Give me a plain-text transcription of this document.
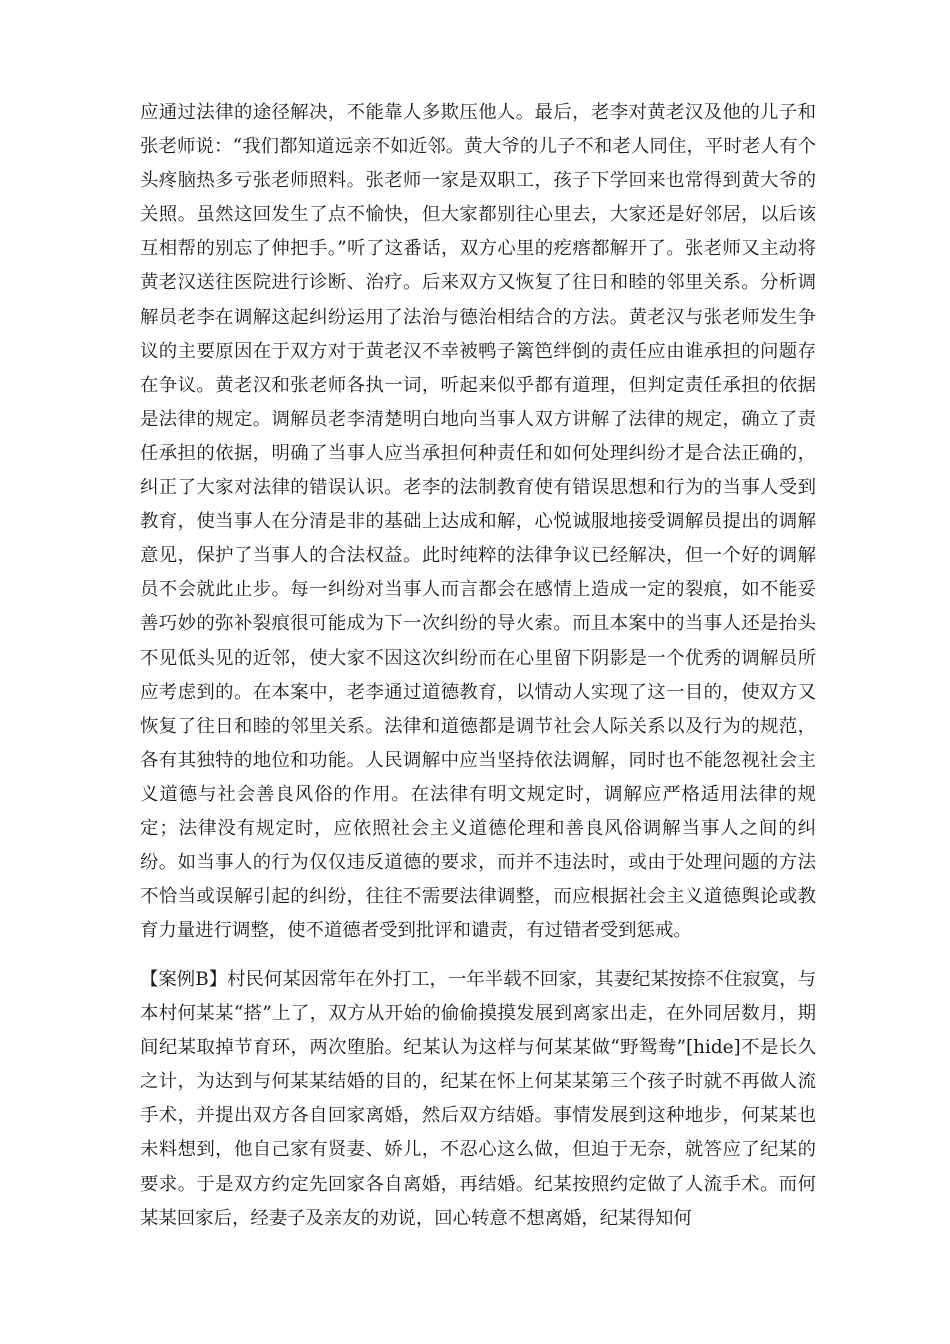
应通过法律的途径解决，不能靠人多欺压他人。最后，老李对黄老汉及他的儿子和张老师说：“我们都知道远亲不如近邻。黄大爷的儿子不和老人同住，平时老人有个头疼脑热多亏张老师照料。张老师一家是双职工，孩子下学回来也常得到黄大爷的关照。虽然这回发生了点不愉快，但大家都别往心里去，大家还是好邻居，以后该互相帮的别忘了伸把手。”听了这番话，双方心里的疙瘩都解开了。张老师又主动将黄老汉送往医院进行诊断、治疗。后来双方又恢复了往日和睦的邻里关系。分析调解员老李在调解这起纠纷运用了法治与德治相结合的方法。黄老汉与张老师发生争议的主要原因在于双方对于黄老汉不幸被鸭子篱笆绊倒的责任应由谁承担的问题存在争议。黄老汉和张老师各执一词，听起来似乎都有道理，但判定责任承担的依据是法律的规定。调解员老李清楚明白地向当事人双方讲解了法律的规定，确立了责任承担的依据，明确了当事人应当承担何种责任和如何处理纠纷才是合法正确的，纠正了大家对法律的错误认识。老李的法制教育使有错误思想和行为的当事人受到教育，使当事人在分清是非的基础上达成和解，心悦诚服地接受调解员提出的调解意见，保护了当事人的合法权益。此时纯粹的法律争议已经解决，但一个好的调解员不会就此止步。每一纠纷对当事人而言都会在感情上造成一定的裂痕，如不能妥善巧妙的弥补裂痕很可能成为下一次纠纷的导火索。而且本案中的当事人还是抬头不见低头见的近邻，使大家不因这次纠纷而在心里留下阴影是一个优秀的调解员所应考虑到的。在本案中，老李通过道德教育，以情动人实现了这一目的，使双方又恢复了往日和睦的邻里关系。法律和道德都是调节社会人际关系以及行为的规范，各有其独特的地位和功能。人民调解中应当坚持依法调解，同时也不能忽视社会主义道德与社会善良风俗的作用。在法律有明文规定时，调解应严格适用法律的规定；法律没有规定时，应依照社会主义道德伦理和善良风俗调解当事人之间的纠纷。如当事人的行为仅仅违反道德的要求，而并不违法时，或由于处理问题的方法不恰当或误解引起的纠纷，往往不需要法律调整，而应根据社会主义道德舆论或教育力量进行调整，使不道德者受到批评和谴责，有过错者受到惩戒。

【案例B】村民何某因常年在外打工，一年半载不回家，其妻纪某按捺不住寂寞，与本村何某某“搭”上了，双方从开始的偷偷摸摸发展到离家出走，在外同居数月，期间纪某取掉节育环，两次堕胎。纪某认为这样与何某某做“野鸳鸯”[hide]不是长久之计，为达到与何某某结婚的目的，纪某在怀上何某某第三个孩子时就不再做人流手术，并提出双方各自回家离婚，然后双方结婚。事情发展到这种地步，何某某也未料想到，他自己家有贤妻、娇儿，不忍心这么做，但迫于无奈，就答应了纪某的要求。于是双方约定先回家各自离婚，再结婚。纪某按照约定做了人流手术。而何某某回家后，经妻子及亲友的劝说，回心转意不想离婚，纪某得知何
